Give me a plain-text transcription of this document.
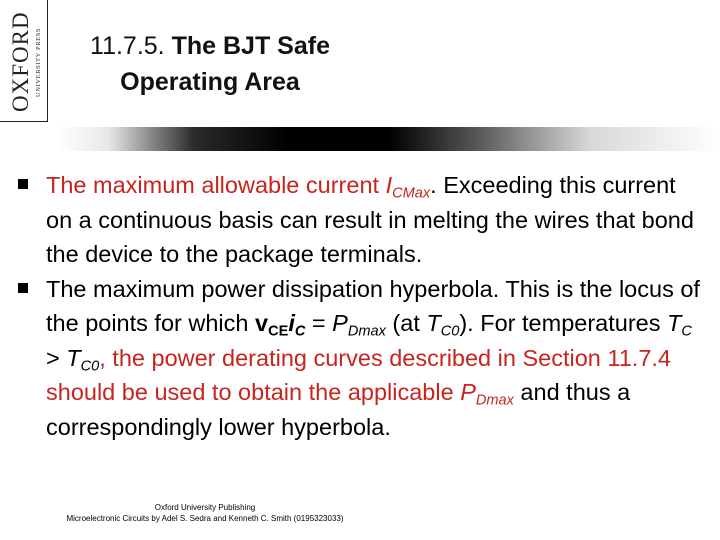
OXFORD UNIVERSITY PRESS	11.7.5. The BJT Safe
Operating Area
The maximum allowable current $I_{CMax}$. Exceeding this current on a continuous basis can result in melting the wires that bond the device to the package terminals.
The maximum power dissipation hyperbola. This is the locus of the points for which $v_{CE}i_C = P_{Dmax}$ (at $T_{C0}$). For temperatures $T_C > T_{C0}$, the power derating curves described in Section 11.7.4 should be used to obtain the applicable $P_{Dmax}$ and thus a correspondingly lower hyperbola.
Oxford University Publishing
Microelectronic Circuits by Adel S. Sedra and Kenneth C. Smith (0195323033)
